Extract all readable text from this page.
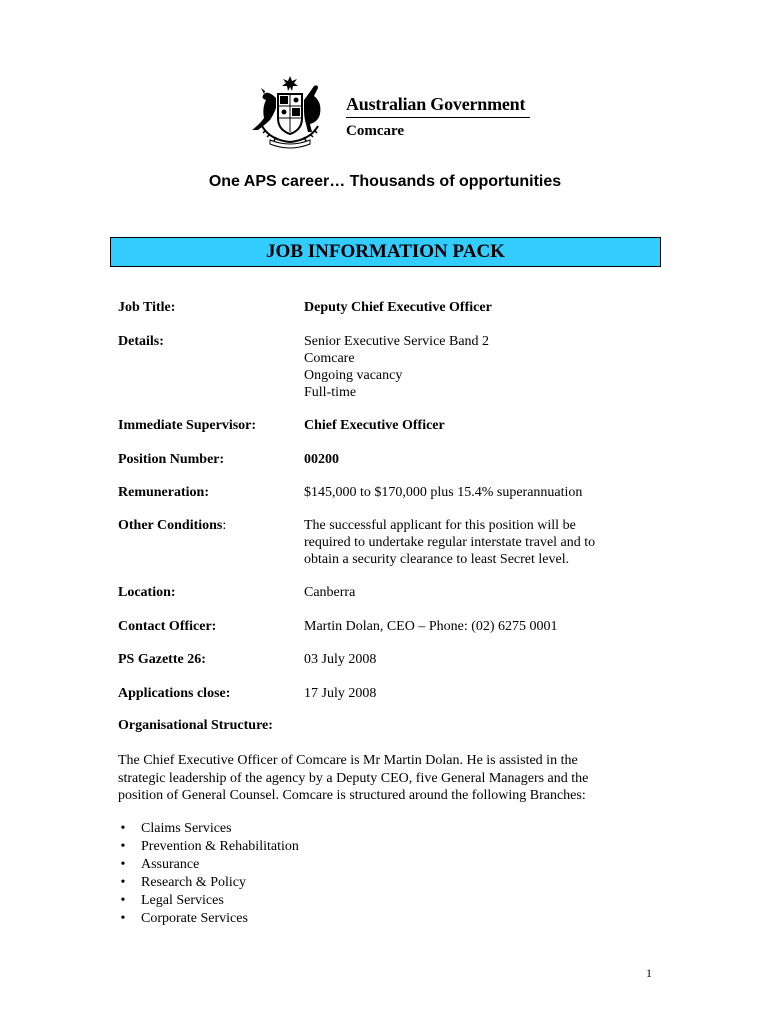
Australian Government
Comcare
One APS career… Thousands of opportunities
JOB INFORMATION PACK
Job Title:	Deputy Chief Executive Officer
Details:	Senior Executive Service Band 2
Comcare
Ongoing vacancy
Full-time
Immediate Supervisor:	Chief Executive Officer
Position Number:	00200
Remuneration:	$145,000 to $170,000 plus 15.4% superannuation
Other Conditions:	The successful applicant for this position will be
required to undertake regular interstate travel and to
obtain a security clearance to least Secret level.
Location:	Canberra
Contact Officer:	Martin Dolan, CEO – Phone: (02) 6275 0001
PS Gazette 26:	03 July 2008
Applications close:	17 July 2008
Organisational Structure:
The Chief Executive Officer of Comcare is Mr Martin Dolan. He is assisted in the
strategic leadership of the agency by a Deputy CEO, five General Managers and the
position of General Counsel. Comcare is structured around the following Branches:
• Claims Services
• Prevention & Rehabilitation
• Assurance
• Research & Policy
• Legal Services
• Corporate Services
1
